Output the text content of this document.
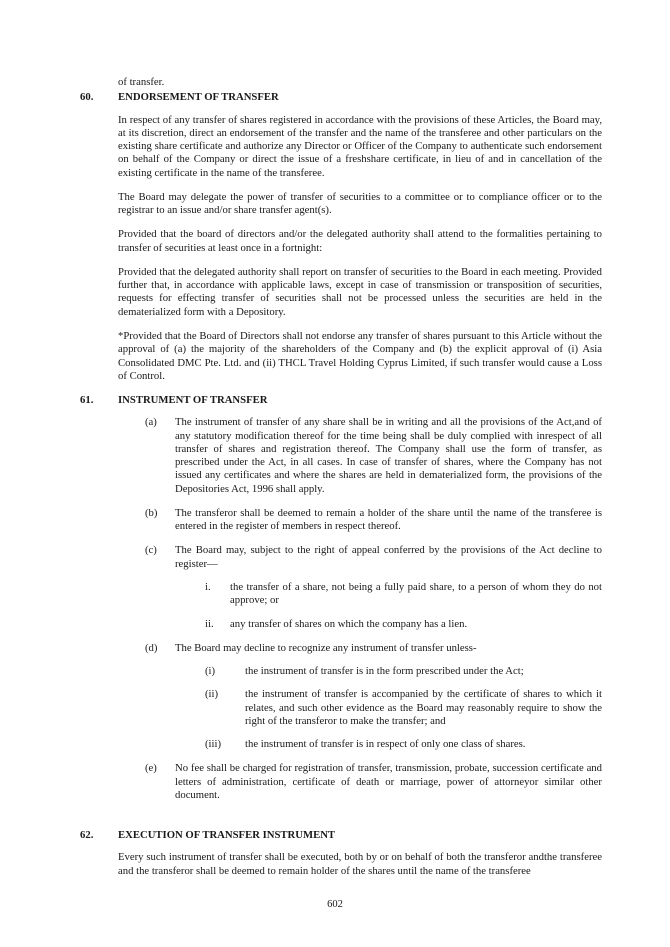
of transfer.
60.	ENDORSEMENT OF TRANSFER

In respect of any transfer of shares registered in accordance with the provisions of these Articles, the Board may, at its discretion, direct an endorsement of the transfer and the name of the transferee and other particulars on the existing share certificate and authorize any Director or Officer of the Company to authenticate such endorsement on behalf of the Company or direct the issue of a freshshare certificate, in lieu of and in cancellation of the existing certificate in the name of the transferee.

The Board may delegate the power of transfer of securities to a committee or to compliance officer or to the registrar to an issue and/or share transfer agent(s).

Provided that the board of directors and/or the delegated authority shall attend to the formalities pertaining to transfer of securities at least once in a fortnight:

Provided that the delegated authority shall report on transfer of securities to the Board in each meeting. Provided further that, in accordance with applicable laws, except in case of transmission or transposition of securities, requests for effecting transfer of securities shall not be processed unless the securities are held in the dematerialized form with a Depository.

*Provided that the Board of Directors shall not endorse any transfer of shares pursuant to this Article without the approval of (a) the majority of the shareholders of the Company and (b) the explicit approval of (i) Asia Consolidated DMC Pte. Ltd. and (ii) THCL Travel Holding Cyprus Limited, if such transfer would cause a Loss of Control.

61.	INSTRUMENT OF TRANSFER
(a)	The instrument of transfer of any share shall be in writing and all the provisions of the Act,and of any statutory modification thereof for the time being shall be duly complied with inrespect of all transfer of shares and registration thereof. The Company shall use the form of transfer, as prescribed under the Act, in all cases. In case of transfer of shares, where the Company has not issued any certificates and where the shares are held in dematerialized form, the provisions of the Depositories Act, 1996 shall apply.
(b)	The transferor shall be deemed to remain a holder of the share until the name of the transferee is entered in the register of members in respect thereof.
(c)	The Board may, subject to the right of appeal conferred by the provisions of the Act decline to register—
i.	the transfer of a share, not being a fully paid share, to a person of whom they do not approve; or
ii.	any transfer of shares on which the company has a lien.
(d)	The Board may decline to recognize any instrument of transfer unless-
(i)	the instrument of transfer is in the form prescribed under the Act;
(ii)	the instrument of transfer is accompanied by the certificate of shares to which it relates, and such other evidence as the Board may reasonably require to show the right of the transferor to make the transfer; and
(iii)	the instrument of transfer is in respect of only one class of shares.
(e)	No fee shall be charged for registration of transfer, transmission, probate, succession certificate and letters of administration, certificate of death or marriage, power of attorneyor similar other document.
62.	EXECUTION OF TRANSFER INSTRUMENT

Every such instrument of transfer shall be executed, both by or on behalf of both the transferor andthe transferee and the transferor shall be deemed to remain holder of the shares until the name of the transferee

602
